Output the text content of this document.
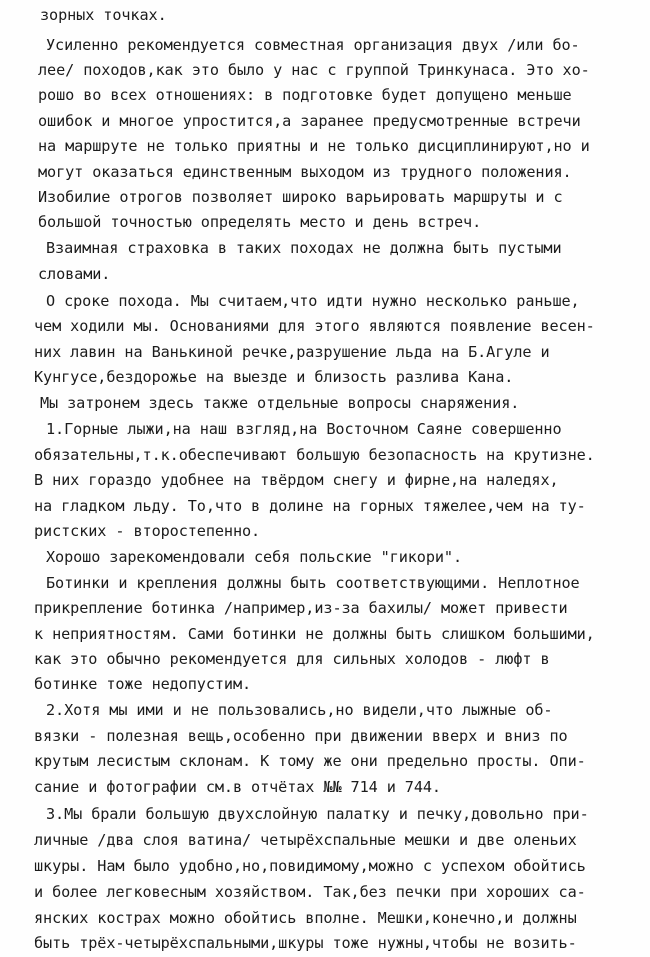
зорных точках.
Усиленно рекомендуется совместная организация двух /или бо-
лее/ походов,как это было у нас с группой Тринкунаса. Это хо-
рошо во всех отношениях: в подготовке будет допущено меньше
ошибок и многое упростится,а заранее предусмотренные встречи
на маршруте не только приятны и не только дисциплинируют,но и
могут оказаться единственным выходом из трудного положения.
Изобилие отрогов позволяет широко варьировать маршруты и с
большой точностью определять место и день встреч.
Взаимная страховка в таких походах не должна быть пустыми
словами.
О сроке похода. Мы считаем,что идти нужно несколько раньше,
чем ходили мы. Основаниями для этого являются появление весен-
них лавин на Ванькиной речке,разрушение льда на Б.Агуле и
Кунгусе,бездорожье на выезде и близость разлива Кана.
Мы затронем здесь также отдельные вопросы снаряжения.
1.Горные лыжи,на наш взгляд,на Восточном Саяне совершенно
обязательны,т.к.обеспечивают большую безопасность на крутизне.
В них гораздо удобнее на твёрдом снегу и фирне,на наледях,
на гладком льду. То,что в долине на горных тяжелее,чем на ту-
ристских - второстепенно.
Хорошо зарекомендовали себя польские "гикори".
Ботинки и крепления должны быть соответствующими. Неплотное
прикрепление ботинка /например,из-за бахилы/ может привести
к неприятностям. Сами ботинки не должны быть слишком большими,
как это обычно рекомендуется для сильных холодов - люфт в
ботинке тоже недопустим.
2.Хотя мы ими и не пользовались,но видели,что лыжные об-
вязки - полезная вещь,особенно при движении вверх и вниз по
крутым лесистым склонам. К тому же они предельно просты. Опи-
сание и фотографии см.в отчётах №№ 714 и 744.
3.Мы брали большую двухслойную палатку и печку,довольно при-
личные /два слоя ватина/ четырёхспальные мешки и две оленьих
шкуры. Нам было удобно,но,повидимому,можно с успехом обойтись
и более легковесным хозяйством. Так,без печки при хороших са-
янских кострах можно обойтись вполне. Мешки,конечно,и должны
быть трёх-четырёхспальными,шкуры тоже нужны,чтобы не возить-
